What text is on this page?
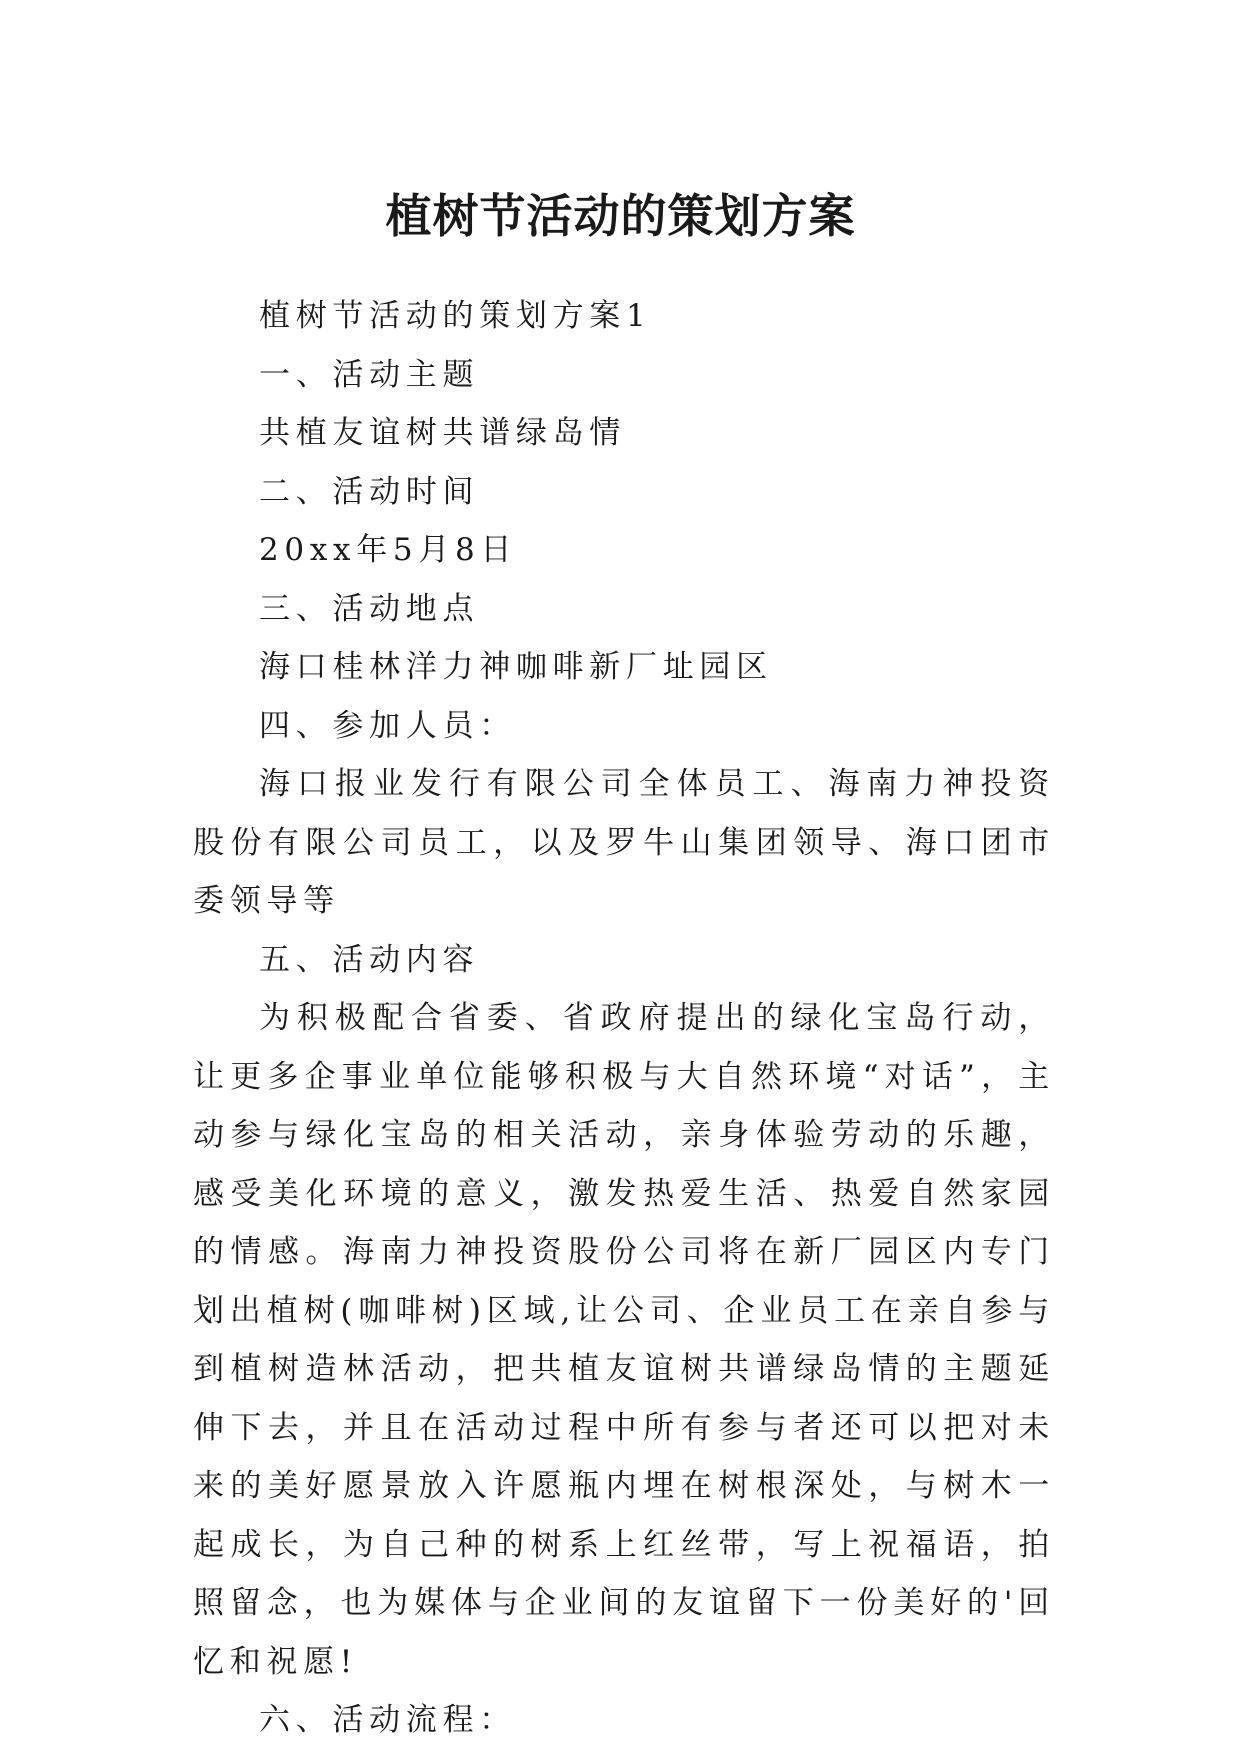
植树节活动的策划方案

植树节活动的策划方案1

一、活动主题

共植友谊树共谱绿岛情

二、活动时间

20xx年5月8日

三、活动地点

海口桂林洋力神咖啡新厂址园区

四、参加人员：

海口报业发行有限公司全体员工、海南力神投资股份有限公司员工，以及罗牛山集团领导、海口团市委领导等

五、活动内容

为积极配合省委、省政府提出的绿化宝岛行动，让更多企事业单位能够积极与大自然环境“对话”，主动参与绿化宝岛的相关活动，亲身体验劳动的乐趣，感受美化环境的意义，激发热爱生活、热爱自然家园的情感。海南力神投资股份公司将在新厂园区内专门划出植树(咖啡树)区域,让公司、企业员工在亲自参与到植树造林活动，把共植友谊树共谱绿岛情的主题延伸下去，并且在活动过程中所有参与者还可以把对未来的美好愿景放入许愿瓶内埋在树根深处，与树木一起成长，为自己种的树系上红丝带，写上祝福语，拍照留念，也为媒体与企业间的友谊留下一份美好的'回忆和祝愿!

六、活动流程：
